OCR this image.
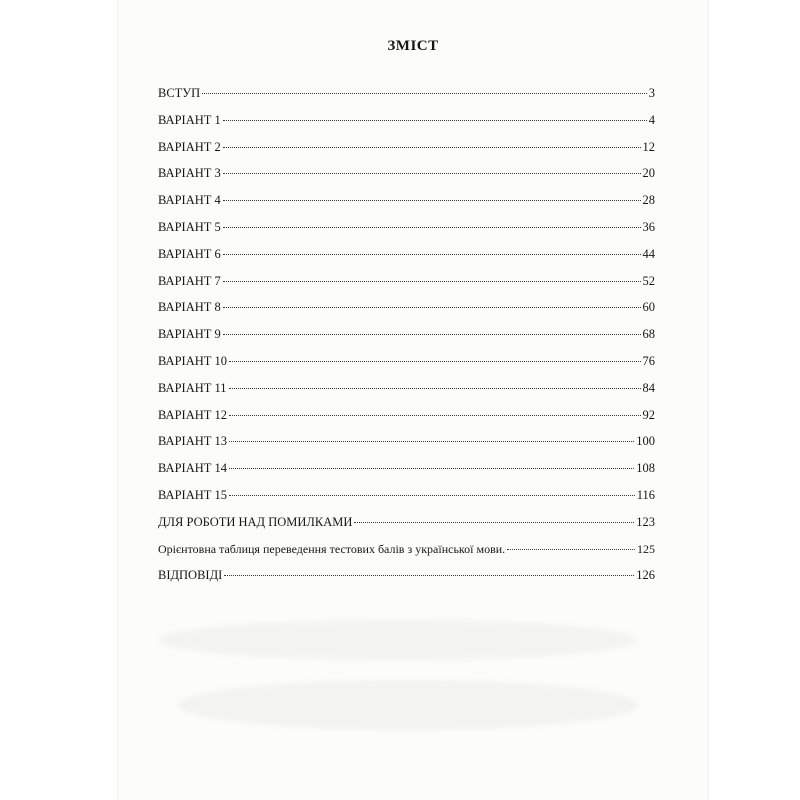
ЗМІСТ
ВСТУП	3
ВАРІАНТ 1	4
ВАРІАНТ 2	12
ВАРІАНТ 3	20
ВАРІАНТ 4	28
ВАРІАНТ 5	36
ВАРІАНТ 6	44
ВАРІАНТ 7	52
ВАРІАНТ 8	60
ВАРІАНТ 9	68
ВАРІАНТ 10	76
ВАРІАНТ 11	84
ВАРІАНТ 12	92
ВАРІАНТ 13	100
ВАРІАНТ 14	108
ВАРІАНТ 15	116
ДЛЯ РОБОТИ НАД ПОМИЛКАМИ	123
Орієнтовна таблиця переведення тестових балів з української мови.	125
ВІДПОВІДІ	126
